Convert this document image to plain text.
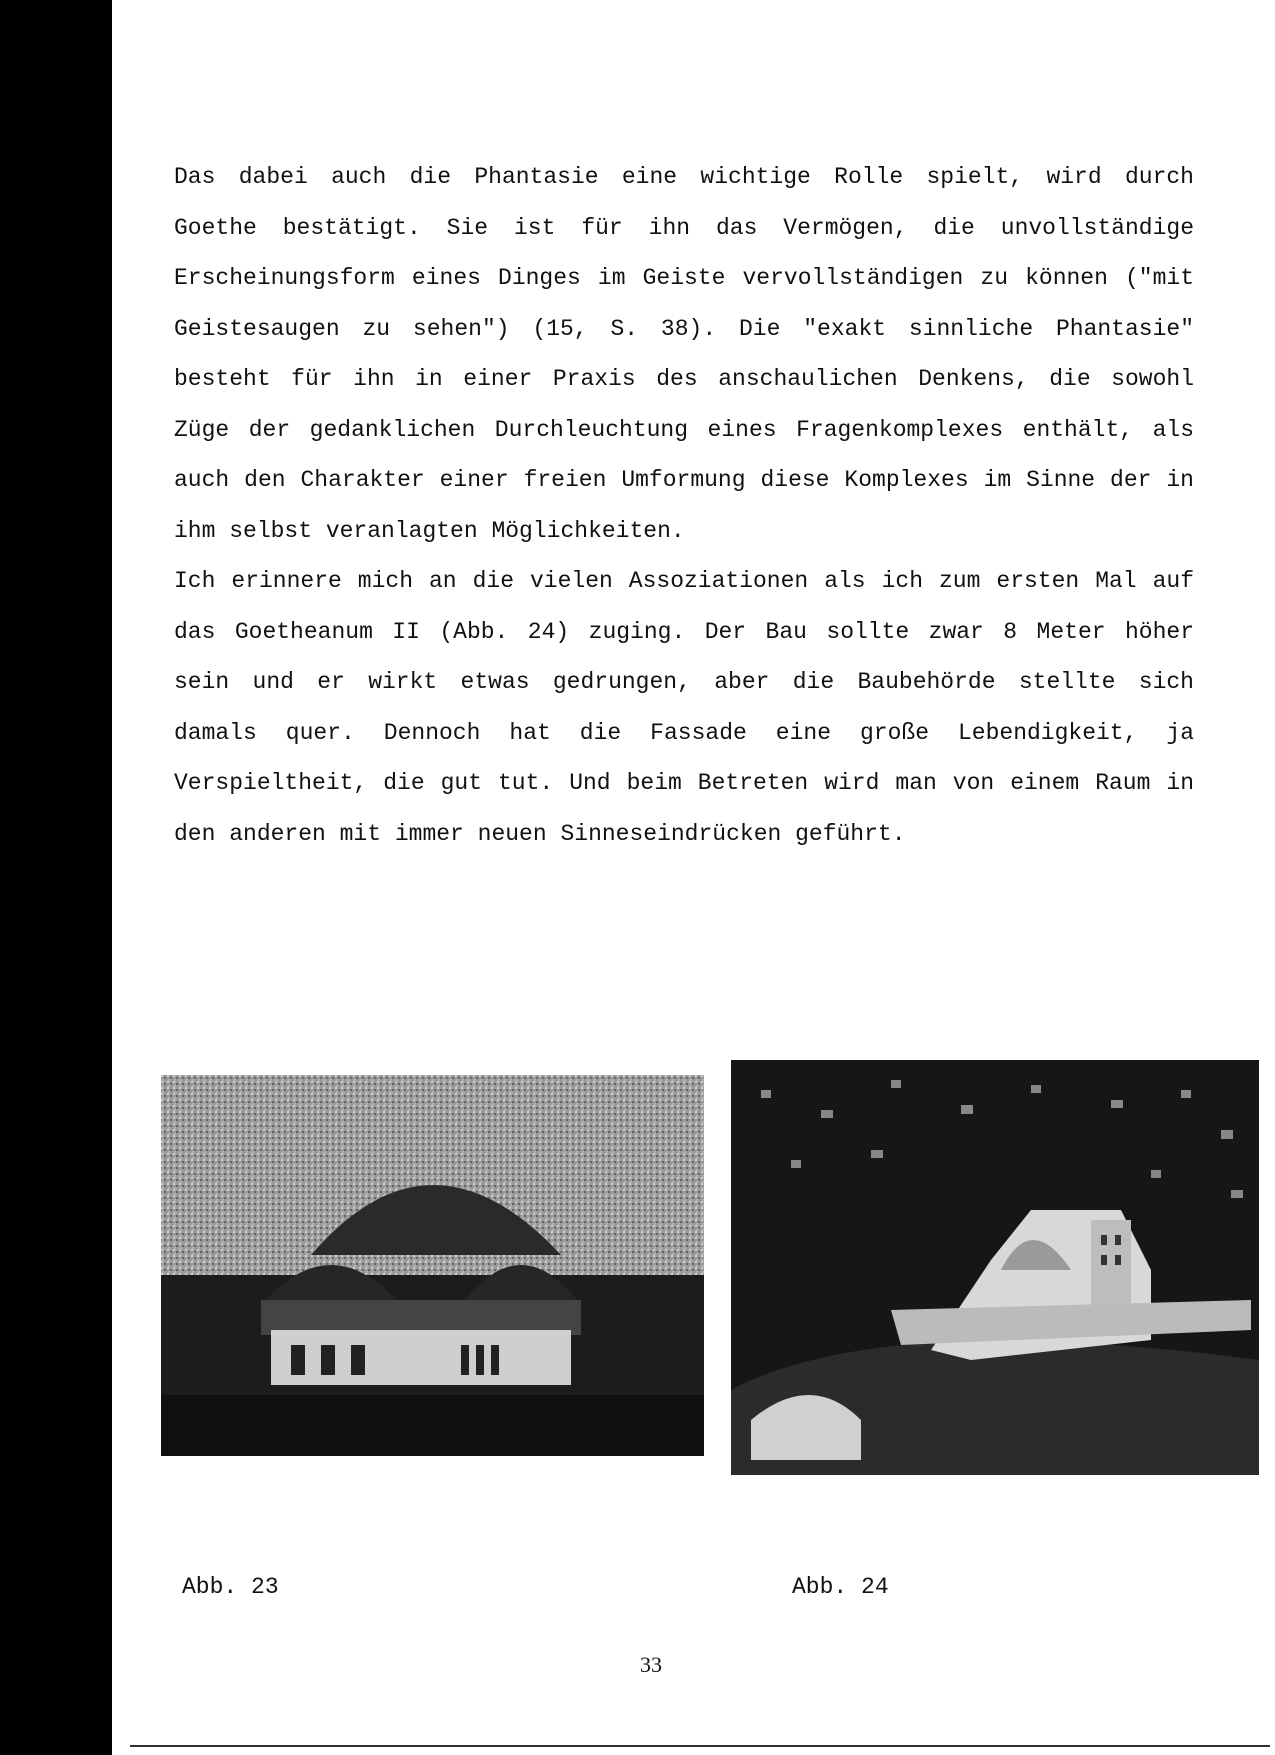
Das dabei auch die Phantasie eine wichtige Rolle spielt, wird durch Goethe bestätigt. Sie ist für ihn das Vermögen, die unvollständige Erscheinungsform eines Dinges im Geiste vervollständigen zu können ("mit Geistesaugen zu sehen") (15, S. 38). Die "exakt sinnliche Phantasie" besteht für ihn in einer Praxis des anschaulichen Denkens, die sowohl Züge der gedanklichen Durchleuchtung eines Fragenkomplexes enthält, als auch den Charakter einer freien Umformung diese Komplexes im Sinne der in ihm selbst veranlagten Möglichkeiten.

Ich erinnere mich an die vielen Assoziationen als ich zum ersten Mal auf das Goetheanum II (Abb. 24) zuging. Der Bau sollte zwar 8 Meter höher sein und er wirkt etwas gedrungen, aber die Baubehörde stellte sich damals quer. Dennoch hat die Fassade eine große Lebendigkeit, ja Verspieltheit, die gut tut. Und beim Betreten wird man von einem Raum in den anderen mit immer neuen Sinneseindrücken geführt.

Abb. 23	Abb. 24
33
